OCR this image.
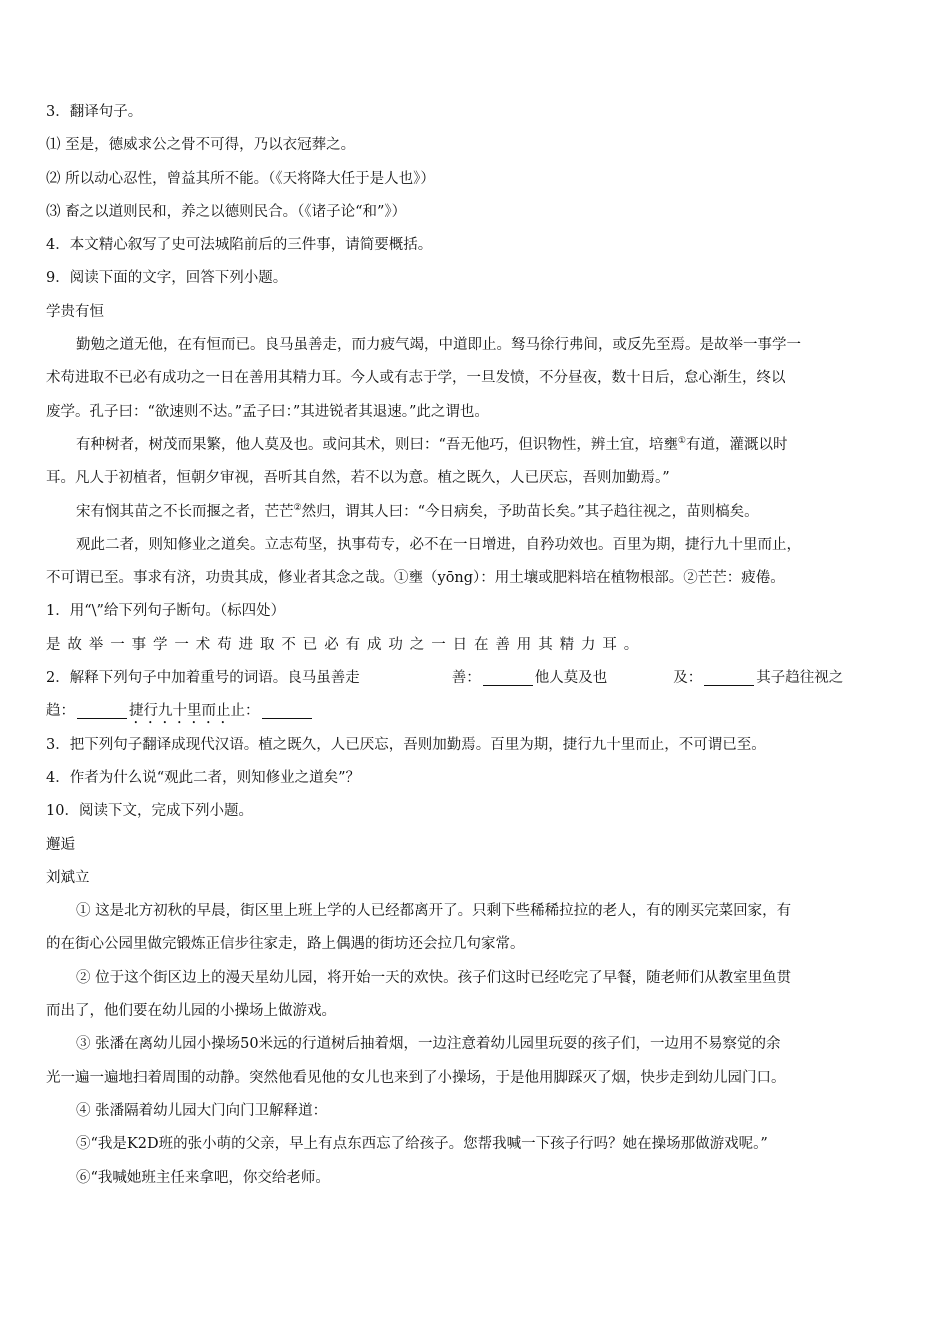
3．翻译句子。
⑴ 至是，德威求公之骨不可得，乃以衣冠葬之。
⑵ 所以动心忍性，曾益其所不能。（《天将降大任于是人也》）
⑶ 畜之以道则民和，养之以德则民合。（《诸子论“和”》）
4．本文精心叙写了史可法城陷前后的三件事，请简要概括。
9．阅读下面的文字，回答下列小题。
学贵有恒
勤勉之道无他，在有恒而已。良马虽善走，而力疲气竭，中道即止。驽马徐行弗间，或反先至焉。是故举一事学一
术苟进取不已必有成功之一日在善用其精力耳。今人或有志于学，一旦发愤，不分昼夜，数十日后，怠心渐生，终以
废学。孔子曰：“欲速则不达。”孟子曰：”其进锐者其退速。”此之谓也。
有种树者，树茂而果繁，他人莫及也。或问其术，则曰：“吾无他巧，但识物性，辨土宜，培壅①有道，灌溉以时
耳。凡人于初植者，恒朝夕审视，吾听其自然，若不以为意。植之既久，人已厌忘，吾则加勤焉。”
宋有悯其苗之不长而揠之者，芒芒②然归，谓其人曰：“今日病矣，予助苗长矣。”其子趋往视之，苗则槁矣。
观此二者，则知修业之道矣。立志苟坚，执事苟专，必不在一日增进，自矜功效也。百里为期，捷行九十里而止，
不可谓已至。事求有济，功贵其成，修业者其念之哉。①壅（yōng）：用土壤或肥料培在植物根部。②芒芒：疲倦。
1．用“\”给下列句子断句。（标四处）
是故举一事学一术苟进取不已必有成功之一日在善用其精力耳。
2．解释下列句子中加着重号的词语。良马虽善走	善：	他人莫及也	及：	其子趋往视之
趋：	捷行九十里而止止：
3．把下列句子翻译成现代汉语。植之既久，人已厌忘，吾则加勤焉。百里为期，捷行九十里而止，不可谓已至。
4．作者为什么说“观此二者，则知修业之道矣”？
10．阅读下文，完成下列小题。
邂逅
刘斌立
① 这是北方初秋的早晨，街区里上班上学的人已经都离开了。只剩下些稀稀拉拉的老人，有的刚买完菜回家，有
的在街心公园里做完锻炼正信步往家走，路上偶遇的街坊还会拉几句家常。
② 位于这个街区边上的漫天星幼儿园，将开始一天的欢快。孩子们这时已经吃完了早餐，随老师们从教室里鱼贯
而出了，他们要在幼儿园的小操场上做游戏。
③ 张潘在离幼儿园小操场50米远的行道树后抽着烟，一边注意着幼儿园里玩耍的孩子们，一边用不易察觉的余
光一遍一遍地扫着周围的动静。突然他看见他的女儿也来到了小操场，于是他用脚踩灭了烟，快步走到幼儿园门口。
④ 张潘隔着幼儿园大门向门卫解释道：
⑤“我是K2D班的张小萌的父亲，早上有点东西忘了给孩子。您帮我喊一下孩子行吗？她在操场那做游戏呢。”
⑥“我喊她班主任来拿吧，你交给老师。
